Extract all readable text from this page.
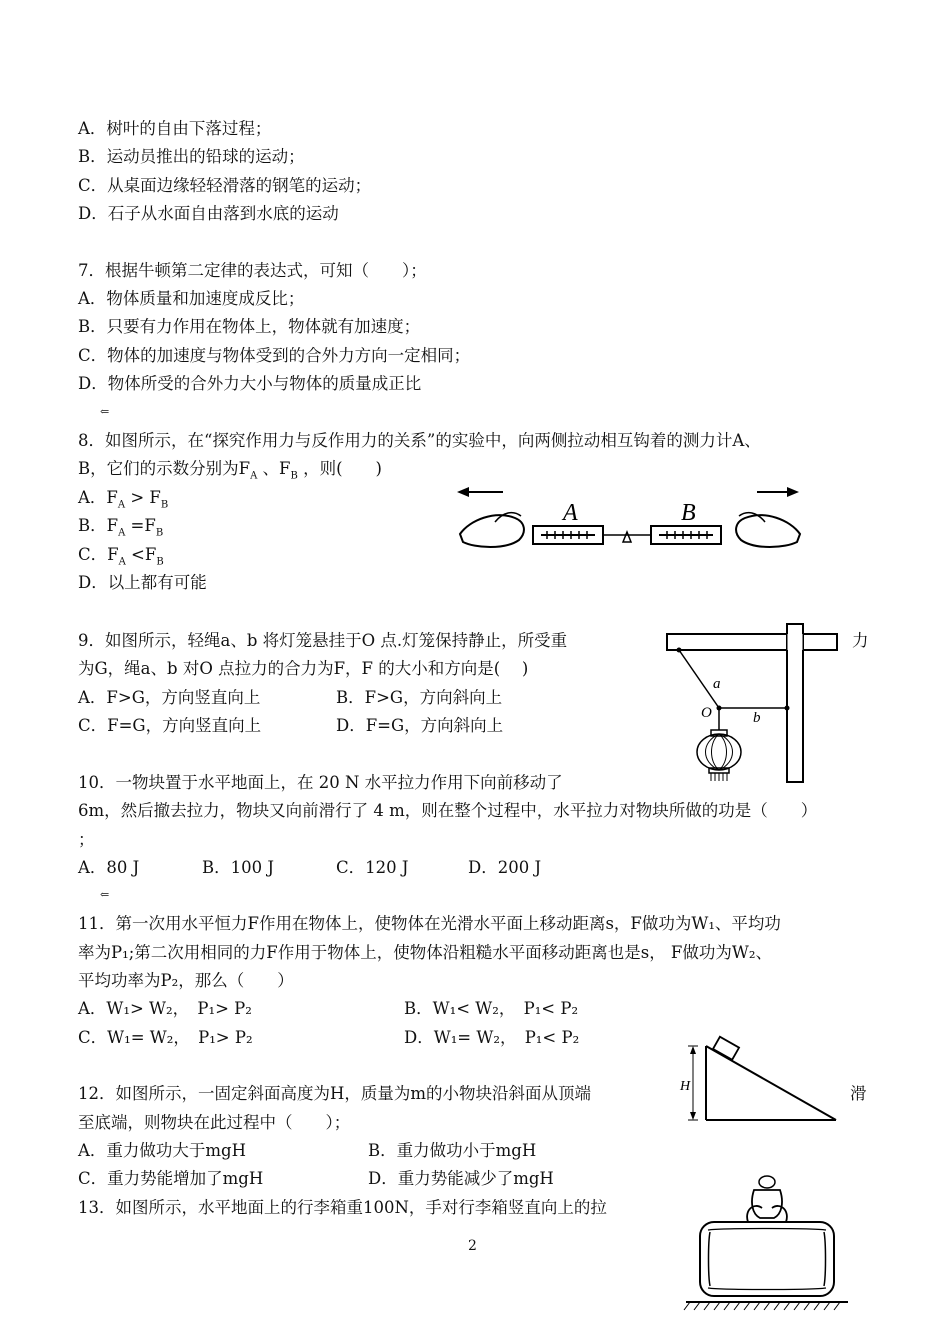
A．树叶的自由下落过程；
B．运动员推出的铅球的运动；
C．从桌面边缘轻轻滑落的钢笔的运动；
D．石子从水面自由落到水底的运动
7．根据牛顿第二定律的表达式，可知（　　）；
A．物体质量和加速度成反比；
B．只要有力作用在物体上，物体就有加速度；
C．物体的加速度与物体受到的合外力方向一定相同；
D．物体所受的合外力大小与物体的质量成正比
⇐
8．如图所示，在“探究作用力与反作用力的关系”的实验中，向两侧拉动相互钩着的测力计A、
B，它们的示数分别为$F_A$ 、$F_B$ ，则(　　)
A．$F_A > F_B$
B．$F_A =F_B$
C．$F_A <F_B$
D．以上都有可能
A	B
9．如图所示，轻绳a、b 将灯笼悬挂于O 点.灯笼保持静止，所受重	力
为G，绳a、b 对O 点拉力的合力为F，F 的大小和方向是(　 )
A．F>G，方向竖直向上	B．F>G，方向斜向上
C．F=G，方向竖直向上	D．F=G，方向斜向上
a
b
O
10．一物块置于水平地面上，在 20 N 水平拉力作用下向前移动了
6m，然后撤去拉力，物块又向前滑行了 4 m，则在整个过程中，水平拉力对物块所做的功是（　　）
；
A．80 J	B．100 J	C．120 J	D．200 J
⇐
11．第一次用水平恒力F作用在物体上，使物体在光滑水平面上移动距离s，F做功为W₁、平均功
率为P₁;第二次用相同的力F作用于物体上，使物体沿粗糙水平面移动距离也是s， F做功为W₂、
平均功率为P₂，那么（　　）
A．W₁> W₂，　P₁> P₂	B．W₁< W₂，　P₁< P₂
C．W₁= W₂，　P₁> P₂	D．W₁= W₂，　P₁< P₂
12．如图所示，一固定斜面高度为H，质量为m的小物块沿斜面从顶端	滑
至底端，则物块在此过程中（　　）；
A．重力做功大于mgH	B．重力做功小于mgH
C．重力势能增加了mgH	D．重力势能减少了mgH
H
13．如图所示，水平地面上的行李箱重100N，手对行李箱竖直向上的拉
2
